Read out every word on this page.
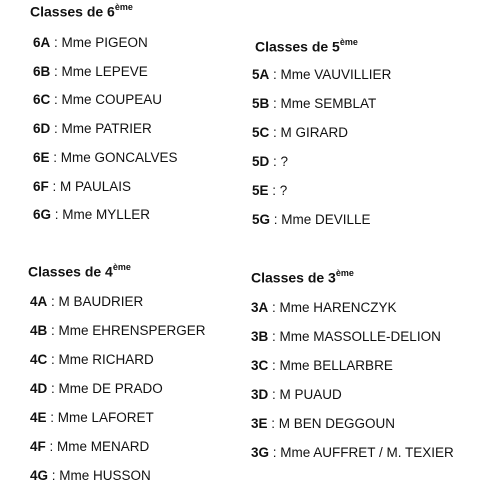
Classes de 6ème
6A : Mme PIGEON
6B : Mme LEPEVE
6C : Mme COUPEAU
6D : Mme PATRIER
6E : Mme GONCALVES
6F : M PAULAIS
6G : Mme MYLLER
Classes de 5ème
5A : Mme VAUVILLIER
5B : Mme SEMBLAT
5C : M GIRARD
5D : ?
5E : ?
5G : Mme DEVILLE
Classes de 4ème
4A : M BAUDRIER
4B : Mme EHRENSPERGER
4C : Mme RICHARD
4D : Mme DE PRADO
4E : Mme LAFORET
4F : Mme MENARD
4G : Mme HUSSON
Classes de 3ème
3A : Mme HARENCZYK
3B : Mme MASSOLLE-DELION
3C : Mme BELLARBRE
3D : M PUAUD
3E : M BEN DEGGOUN
3G : Mme AUFFRET / M. TEXIER
